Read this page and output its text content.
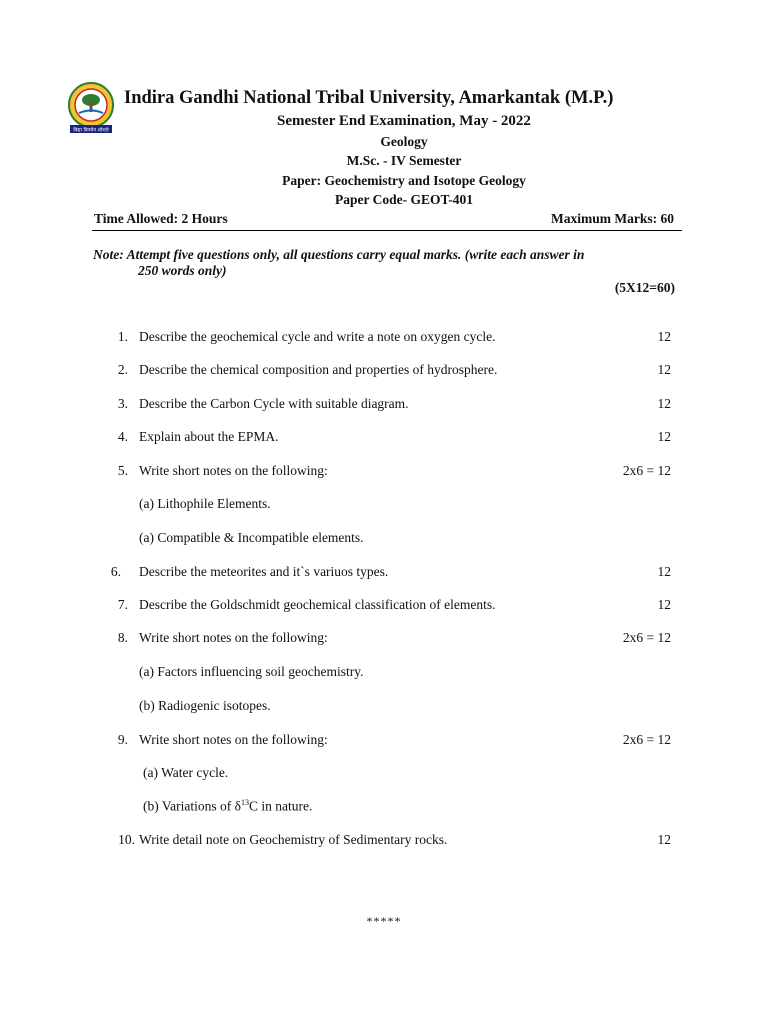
विद्या विनयेन शोभते
Indira Gandhi National Tribal University, Amarkantak (M.P.)
Semester End Examination, May - 2022
Geology
M.Sc. - IV Semester
Paper: Geochemistry and Isotope Geology
Paper Code- GEOT-401
Time Allowed: 2 Hours	Maximum Marks: 60
Note: Attempt five questions only, all questions carry equal marks. (write each answer in
250 words only)
(5X12=60)
1. Describe the geochemical cycle and write a note on oxygen cycle.	12
2. Describe the chemical composition and properties of hydrosphere.	12
3. Describe the Carbon Cycle with suitable diagram.	12
4. Explain about the EPMA.	12
5. Write short notes on the following:	2x6 = 12
(a) Lithophile Elements.
(a) Compatible & Incompatible elements.
6. Describe the meteorites and it`s variuos types.	12
7. Describe the Goldschmidt geochemical classification of elements.	12
8. Write short notes on the following:	2x6 = 12
(a) Factors influencing soil geochemistry.
(b) Radiogenic isotopes.
9. Write short notes on the following:	2x6 = 12
(a) Water cycle.
(b) Variations of $\delta^{13}C$ in nature.
10. Write detail note on Geochemistry of Sedimentary rocks.	12
*****
